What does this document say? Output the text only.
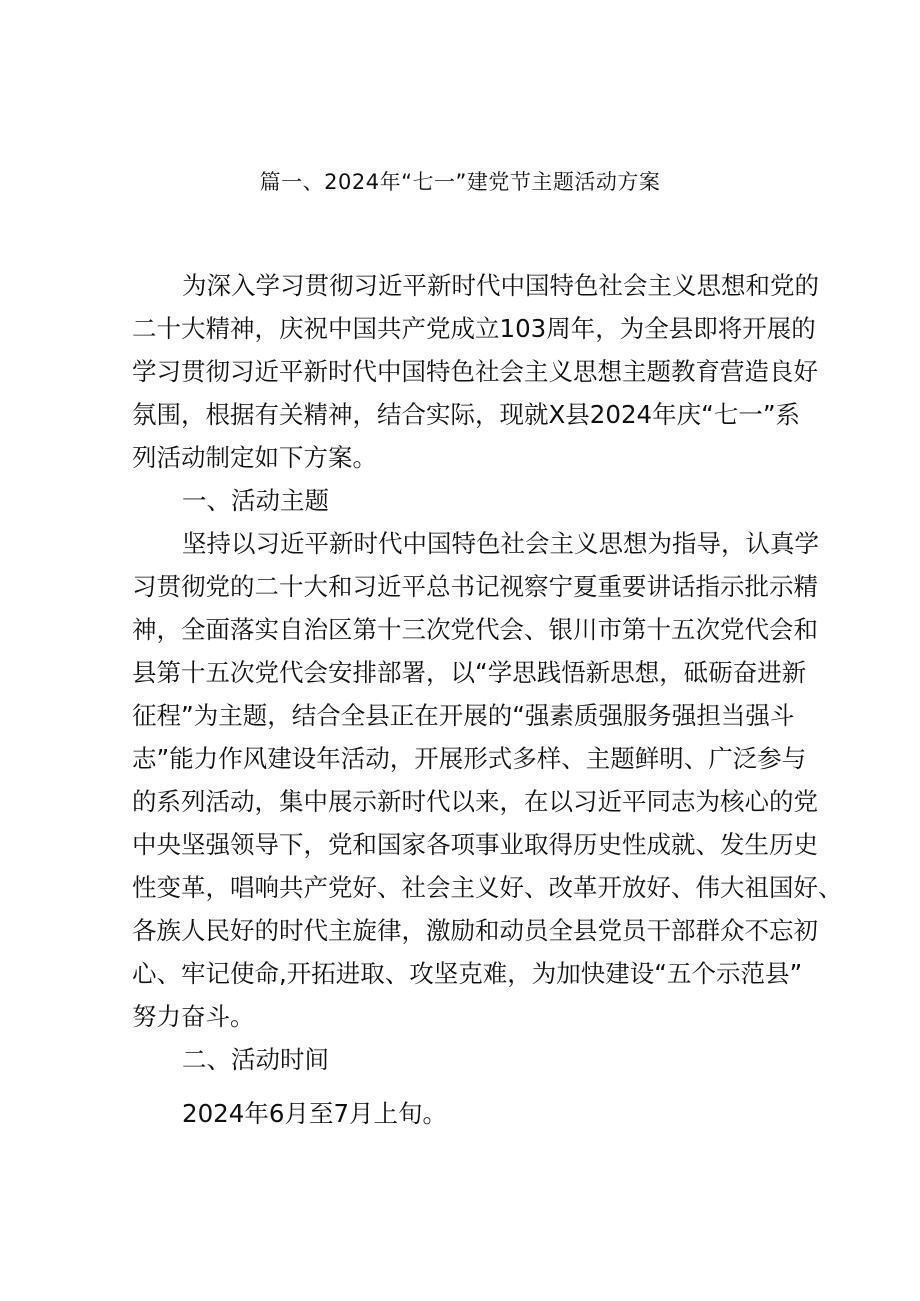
篇一、2024年“七一”建党节主题活动方案
为深入学习贯彻习近平新时代中国特色社会主义思想和党的
二十大精神，庆祝中国共产党成立103周年，为全县即将开展的
学习贯彻习近平新时代中国特色社会主义思想主题教育营造良好
氛围，根据有关精神，结合实际，现就X县2024年庆“七一”系
列活动制定如下方案。
一、活动主题
坚持以习近平新时代中国特色社会主义思想为指导，认真学
习贯彻党的二十大和习近平总书记视察宁夏重要讲话指示批示精
神，全面落实自治区第十三次党代会、银川市第十五次党代会和
县第十五次党代会安排部署，以“学思践悟新思想，砥砺奋进新
征程”为主题，结合全县正在开展的“强素质强服务强担当强斗
志”能力作风建设年活动，开展形式多样、主题鲜明、广泛参与
的系列活动，集中展示新时代以来，在以习近平同志为核心的党
中央坚强领导下，党和国家各项事业取得历史性成就、发生历史
性变革，唱响共产党好、社会主义好、改革开放好、伟大祖国好、
各族人民好的时代主旋律，激励和动员全县党员干部群众不忘初
心、牢记使命,开拓进取、攻坚克难，为加快建设“五个示范县”
努力奋斗。
二、活动时间
2024年6月至7月上旬。
